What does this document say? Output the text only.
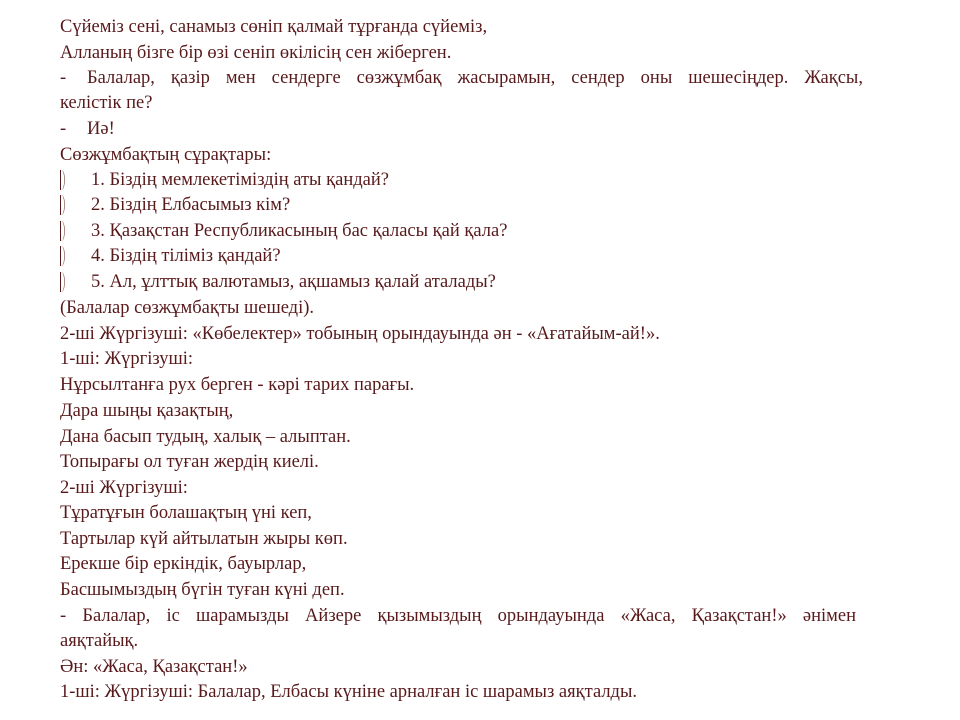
Сүйеміз сені, санамыз сөніп қалмай тұрғанда сүйеміз,
Алланың бізге бір өзі сеніп өкілісің сен жіберген.
- Балалар, қазір мен сендерге сөзжұмбақ жасырамын, сендер оны шешесіңдер. Жақсы,
келістік пе?
- Иә!
Сөзжұмбақтың сұрақтары:
1. Біздің мемлекетіміздің аты қандай?
2. Біздің Елбасымыз кім?
3. Қазақстан Республикасының бас қаласы қай қала?
4. Біздің тіліміз қандай?
5. Ал, ұлттық валютамыз, ақшамыз қалай аталады?
(Балалар сөзжұмбақты шешеді).
2-ші Жүргізуші: «Көбелектер» тобының орындауында ән - «Ағатайым-ай!».
1-ші: Жүргізуші:
Нұрсылтанға рух берген - кәрі тарих парағы.
Дара шыңы қазақтың,
Дана басып тудың, халық – алыптан.
Топырағы ол туған жердің киелі.
2-ші Жүргізуші:
Тұратұғын болашақтың үні кеп,
Тартылар күй айтылатын жыры көп.
Ерекше бір еркіндік, бауырлар,
Басшымыздың бүгін туған күні деп.
- Балалар, іс шарамызды Айзере қызымыздың орындауында «Жаса, Қазақстан!» әнімен
аяқтайық.
Ән: «Жаса, Қазақстан!»
1-ші: Жүргізуші: Балалар, Елбасы күніне арналған іс шарамыз аяқталды.
